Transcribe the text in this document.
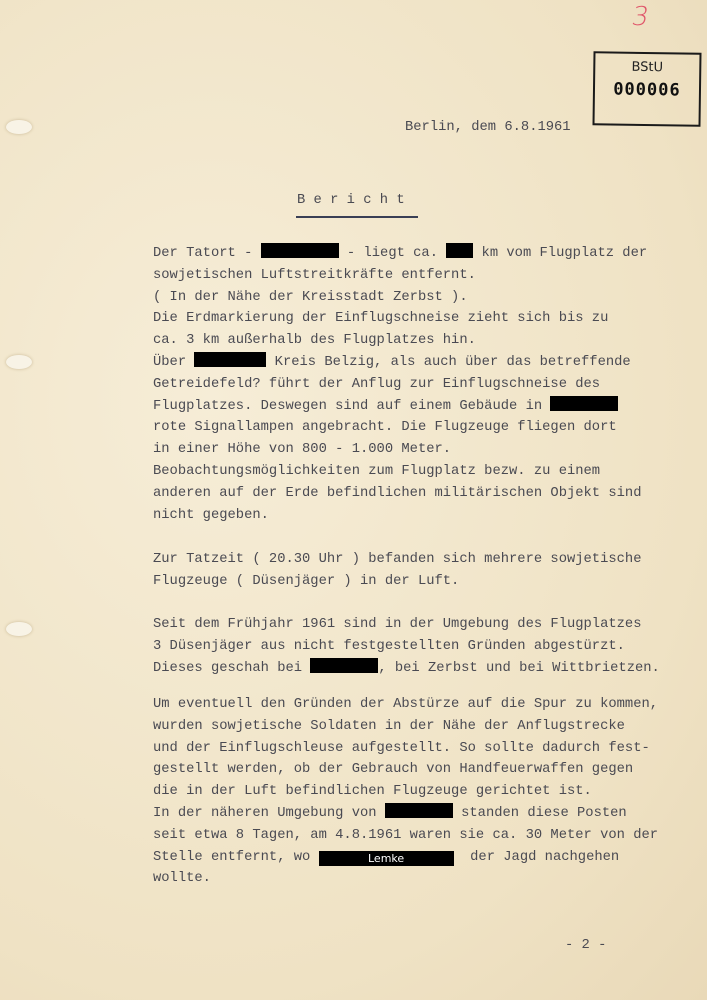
3
BStU
000006
Berlin, dem 6.8.1961
B e r i c h t
Der Tatort -	- liegt ca.  km vom Flugplatz der
sowjetischen Luftstreitkräfte entfernt.
( In der Nähe der Kreisstadt Zerbst ).
Die Erdmarkierung der Einflugschneise zieht sich bis zu
ca. 3 km außerhalb des Flugplatzes hin.
Über	Kreis Belzig, als auch über das betreffende
Getreidefeld? führt der Anflug zur Einflugschneise des
Flugplatzes. Deswegen sind auf einem Gebäude in
rote Signallampen angebracht. Die Flugzeuge fliegen dort
in einer Höhe von 800 - 1.000 Meter.
Beobachtungsmöglichkeiten zum Flugplatz bezw. zu einem
anderen auf der Erde befindlichen militärischen Objekt sind
nicht gegeben.
Zur Tatzeit ( 20.30 Uhr ) befanden sich mehrere sowjetische
Flugzeuge ( Düsenjäger ) in der Luft.
Seit dem Frühjahr 1961 sind in der Umgebung des Flugplatzes
3 Düsenjäger aus nicht festgestellten Gründen abgestürzt.
Dieses geschah bei	, bei Zerbst und bei Wittbrietzen.
Um eventuell den Gründen der Abstürze auf die Spur zu kommen,
wurden sowjetische Soldaten in der Nähe der Anflugstrecke
und der Einflugschleuse aufgestellt. So sollte dadurch fest-
gestellt werden, ob der Gebrauch von Handfeuerwaffen gegen
die in der Luft befindlichen Flugzeuge gerichtet ist.
In der näheren Umgebung von	standen diese Posten
seit etwa 8 Tagen, am 4.8.1961 waren sie ca. 30 Meter von der
Stelle entfernt, wo	Lemke	der Jagd nachgehen
wollte.
- 2 -
